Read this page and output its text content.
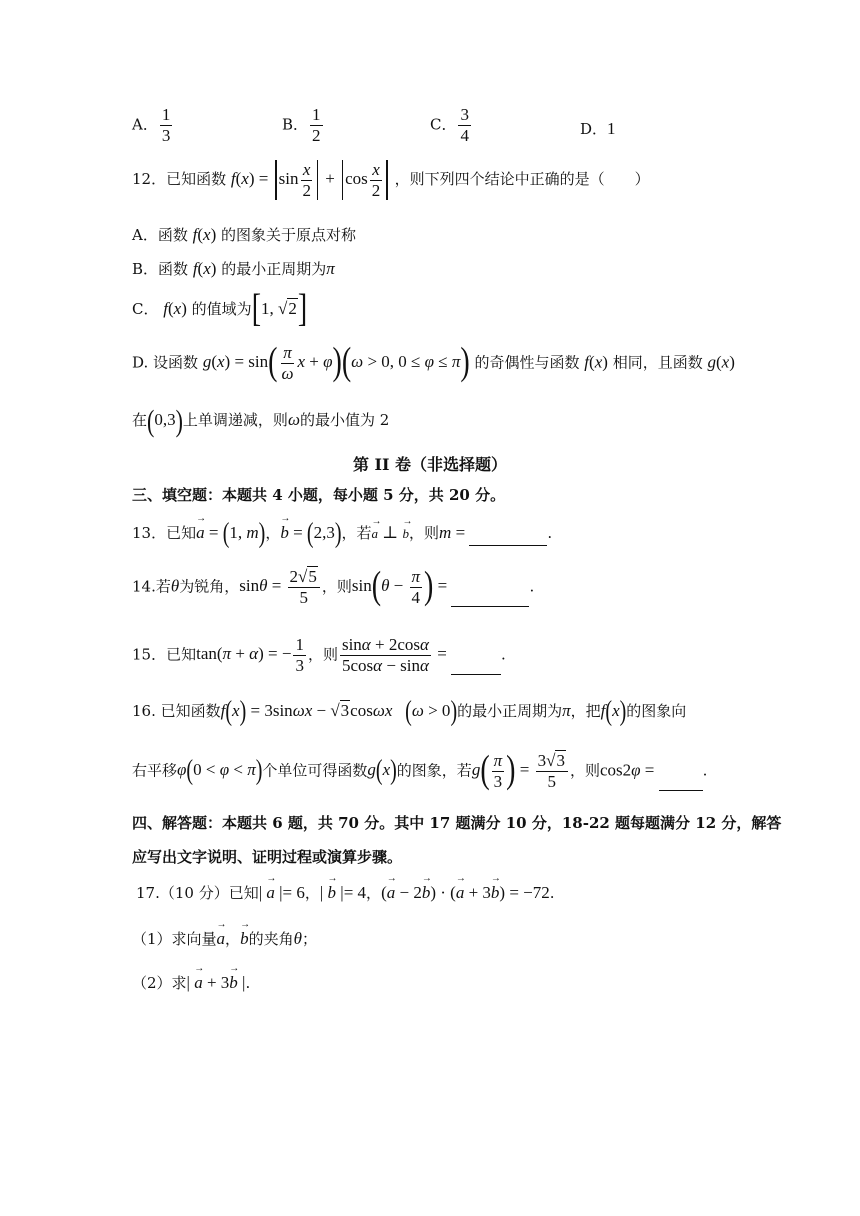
A． $\frac{1}{3}$	B． $\frac{1}{2}$	C． $\frac{3}{4}$	D．1
12．已知函数 $f(x) = \sin \frac{x}{2} + \cos \frac{x}{2}$ ，则下列四个结论中正确的是（　　）
A．函数 f(x) 的图象关于原点对称
B．函数 f(x) 的最小正周期为π
C． f(x) 的值域为[1, √2]
D. 设函数 $g(x) = \sin( \frac{\pi}{\omega}$ x + φ)(ω > 0, 0 ≤ φ ≤ π) 的奇偶性与函数 f(x) 相同，且函数 g(x)
在(0,3)上单调递减，则ω的最小值为 2
第 II 卷（非选择题）
三、填空题：本题共 4 小题，每小题 5 分，共 20 分。
13．已知→ a = (1, m)，→ b = (2,3)，若→ a ⊥ → b，则m =	.
14.若θ为锐角，$\sin\theta = \frac{2√5}{5}$ ，则$\sin(\theta - \frac{\pi}{4}$ ) =	.
15．已知tan(π + α) = − $\frac{1}{3}$ ，则 $\frac{\sin\alpha + 2\cos\alpha}{5\cos\alpha - \sin\alpha}$ =	.
16. 已知函数f(x) = 3sinωx − √3cosωx (ω > 0)的最小正周期为π，把f(x)的图象向
右平移φ(0 < φ < π)个单位可得函数g(x)的图象，若$g( \frac{\pi}{3}$ ) = $\frac{3√3}{5}$ ，则cos2φ =	.
四、解答题：本题共 6 题，共 70 分。其中 17 题满分 10 分，18-22 题每题满分 12 分，解答
应写出文字说明、证明过程或演算步骤。
17.（10 分）已知| → a |= 6，| → b |= 4，(→ a − 2→ b) · (→ a + 3→ b) = −72.
（1）求向量→ a，→ b的夹角θ；
（2）求| → a + 3→ b |.
